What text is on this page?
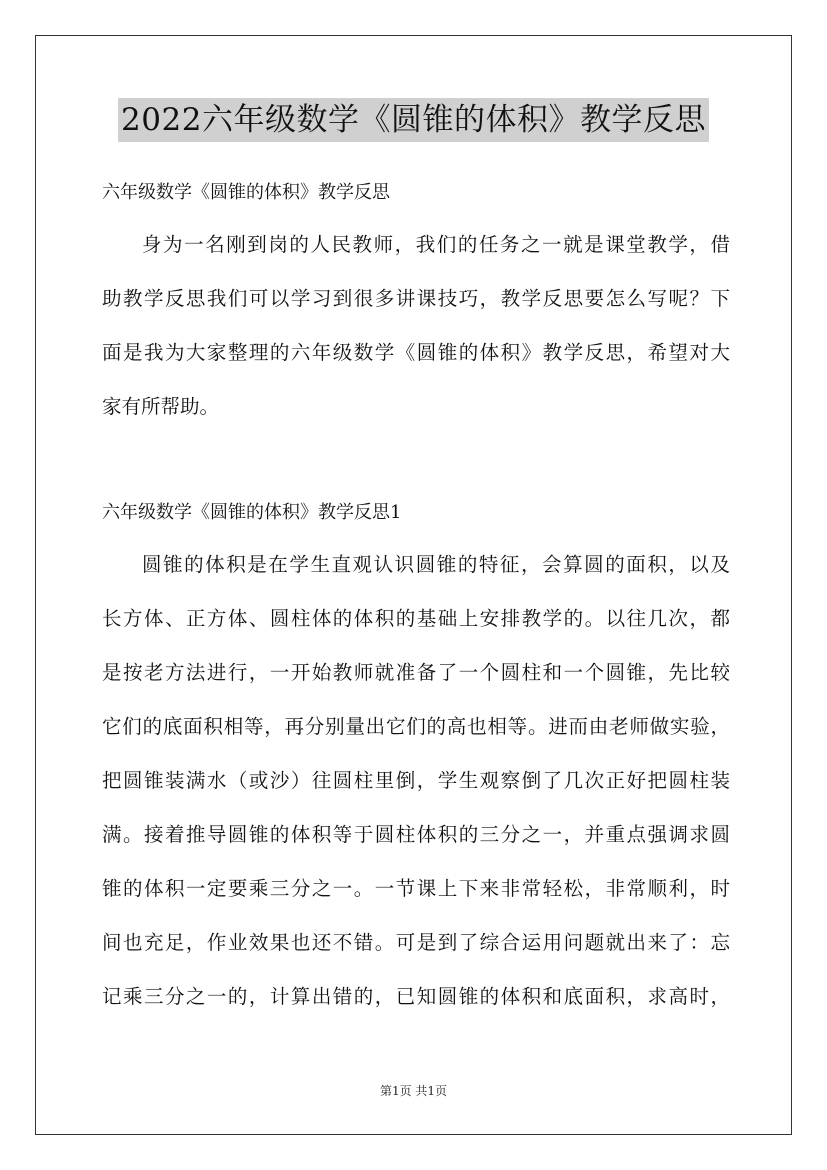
2022六年级数学《圆锥的体积》教学反思
六年级数学《圆锥的体积》教学反思
身为一名刚到岗的人民教师，我们的任务之一就是课堂教学，借
助教学反思我们可以学习到很多讲课技巧，教学反思要怎么写呢？下
面是我为大家整理的六年级数学《圆锥的体积》教学反思，希望对大
家有所帮助。
六年级数学《圆锥的体积》教学反思1
圆锥的体积是在学生直观认识圆锥的特征，会算圆的面积，以及
长方体、正方体、圆柱体的体积的基础上安排教学的。以往几次，都
是按老方法进行，一开始教师就准备了一个圆柱和一个圆锥，先比较
它们的底面积相等，再分别量出它们的高也相等。进而由老师做实验，
把圆锥装满水（或沙）往圆柱里倒，学生观察倒了几次正好把圆柱装
满。接着推导圆锥的体积等于圆柱体积的三分之一，并重点强调求圆
锥的体积一定要乘三分之一。一节课上下来非常轻松，非常顺利，时
间也充足，作业效果也还不错。可是到了综合运用问题就出来了：忘
记乘三分之一的，计算出错的，已知圆锥的体积和底面积，求高时，
第1页 共1页
